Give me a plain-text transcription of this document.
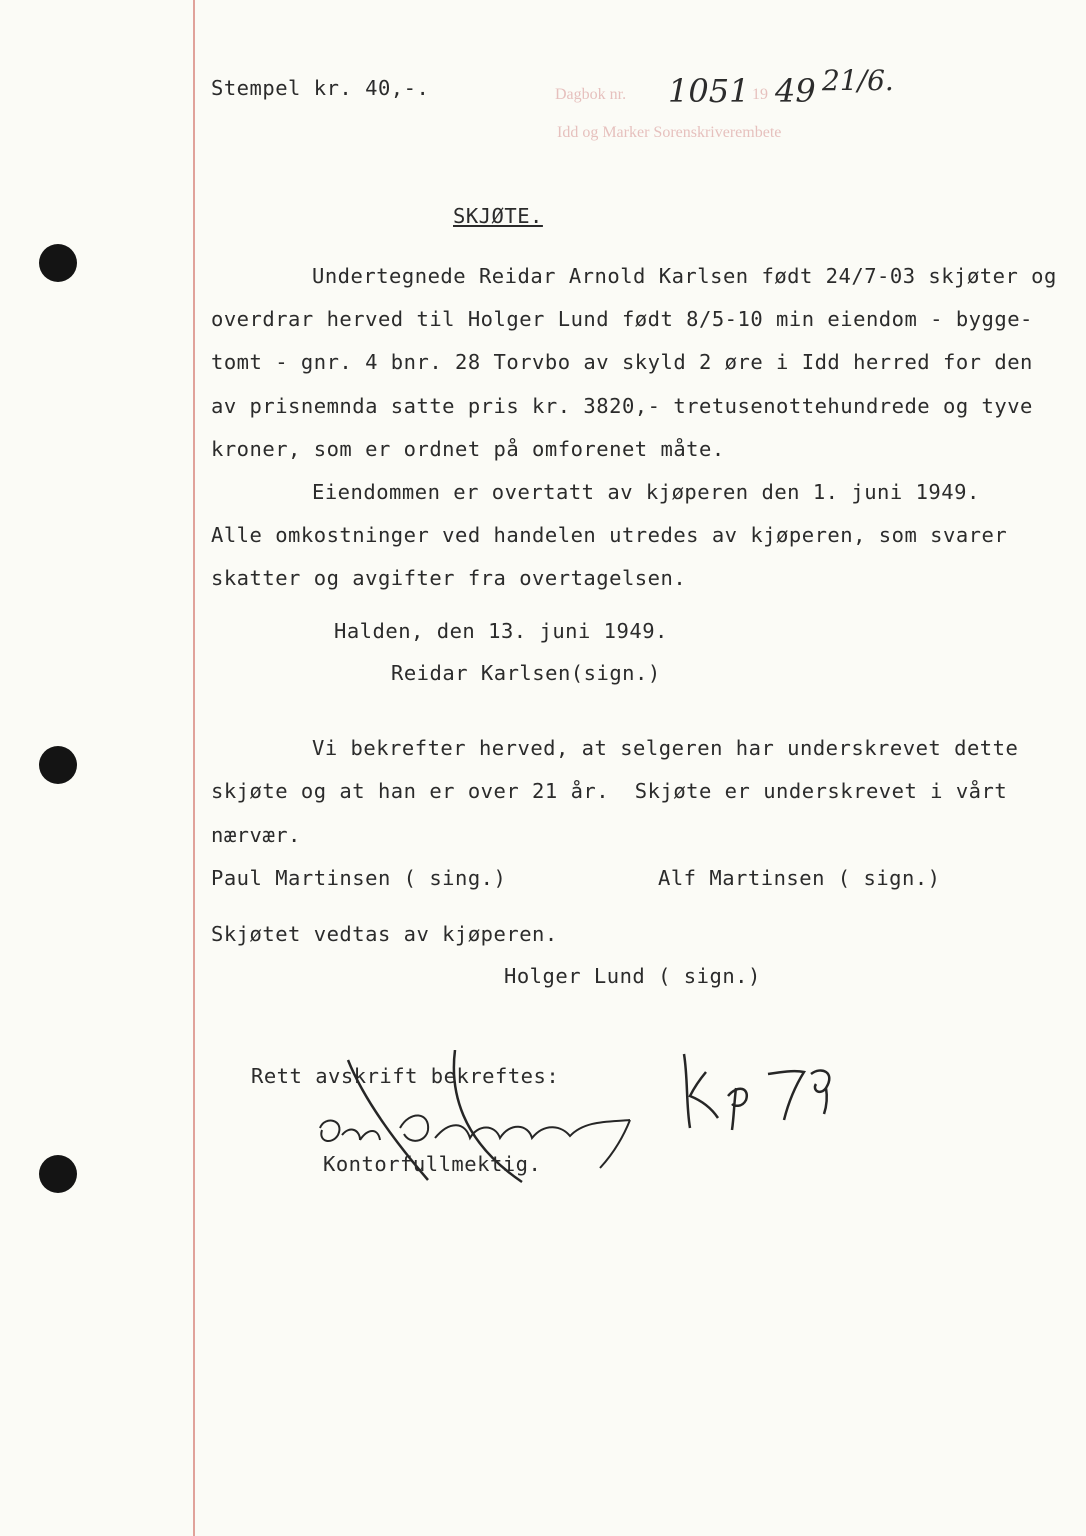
Stempel kr. 40,-.	Dagbok nr. 1051 19 49 21/6.
Idd og Marker Sorenskriverembete
SKJØTE.
Undertegnede Reidar Arnold Karlsen født 24/7-03 skjøter og
overdrar herved til Holger Lund født 8/5-10 min eiendom - bygge-
tomt - gnr. 4 bnr. 28 Torvbo av skyld 2 øre i Idd herred for den
av prisnemnda satte pris kr. 3820,- tretusenottehundrede og tyve
kroner, som er ordnet på omforenet måte.
Eiendommen er overtatt av kjøperen den 1. juni 1949.
Alle omkostninger ved handelen utredes av kjøperen, som svarer
skatter og avgifter fra overtagelsen.
Halden, den 13. juni 1949.
Reidar Karlsen(sign.)
Vi bekrefter herved, at selgeren har underskrevet dette
skjøte og at han er over 21 år.  Skjøte er underskrevet i vårt
nærvær.
Paul Martinsen ( sing.)	Alf Martinsen ( sign.)
Skjøtet vedtas av kjøperen.
Holger Lund ( sign.)
Rett avskrift bekreftes:
Kontorfullmektig.
